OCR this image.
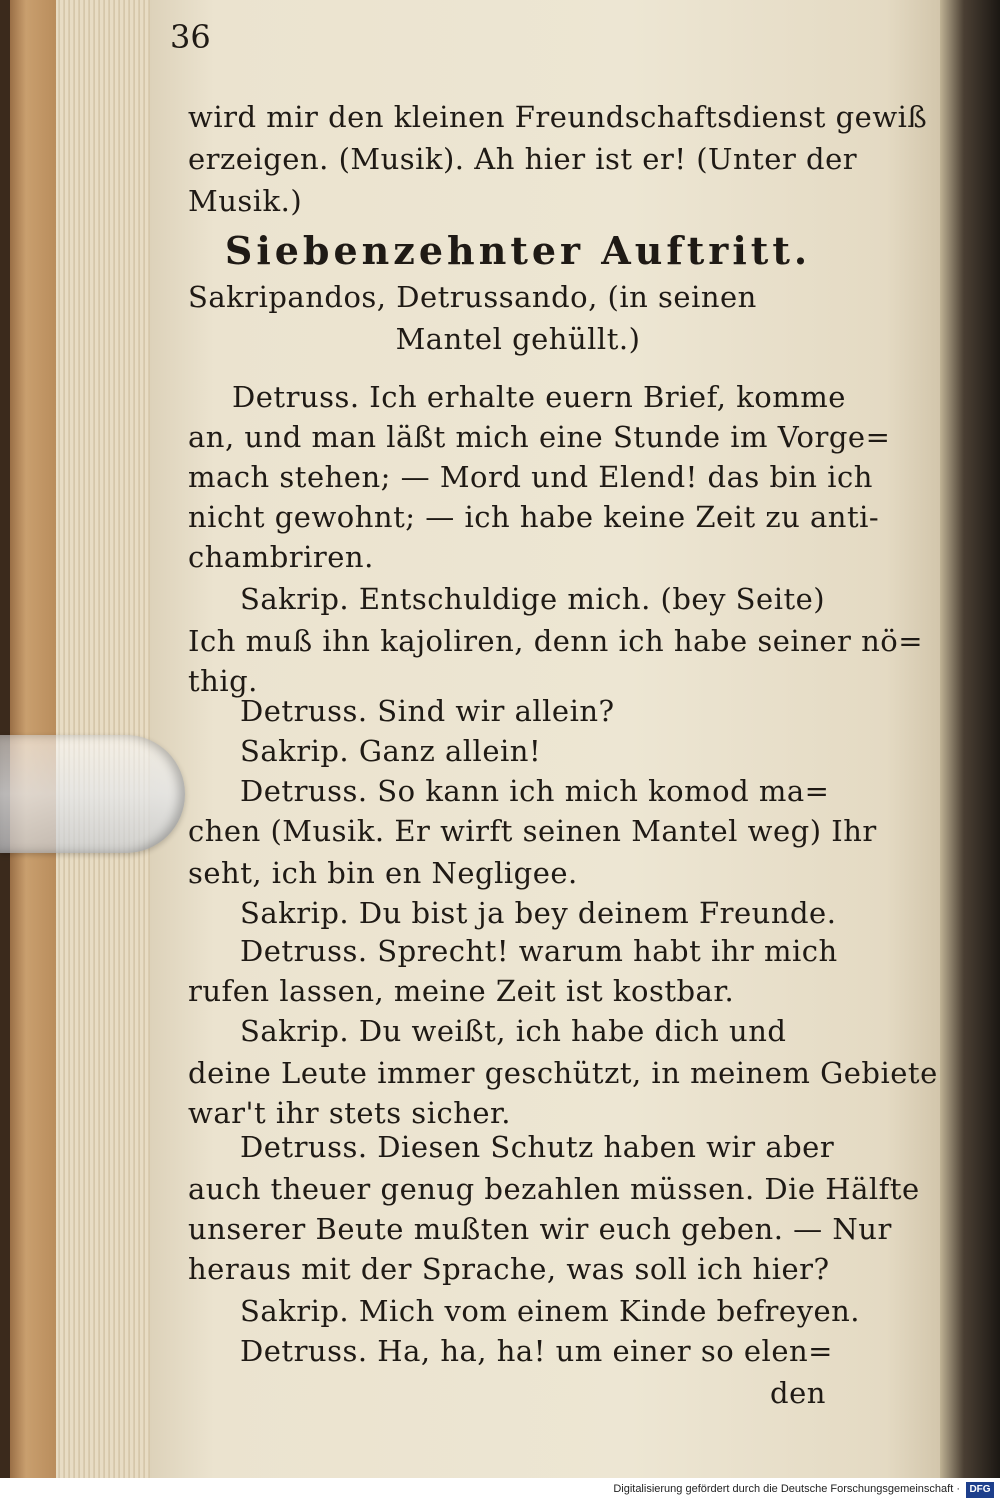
36
wird mir den kleinen Freundschaftsdienst gewiß
erzeigen. (Musik). Ah hier ist er! (Unter der
Musik.)
Siebenzehnter Auftritt.
Sakripandos, Detrussando, (in seinen
Mantel gehüllt.)
Detruss. Ich erhalte euern Brief, komme
an, und man läßt mich eine Stunde im Vorge=
mach stehen; — Mord und Elend! das bin ich
nicht gewohnt; — ich habe keine Zeit zu anti-
chambriren.
Sakrip. Entschuldige mich. (bey Seite)
Ich muß ihn kajoliren, denn ich habe seiner nö=
thig.
Detruss. Sind wir allein?
Sakrip. Ganz allein!
Detruss. So kann ich mich komod ma=
chen (Musik. Er wirft seinen Mantel weg) Ihr
seht, ich bin en Negligee.
Sakrip. Du bist ja bey deinem Freunde.
Detruss. Sprecht! warum habt ihr mich
rufen lassen, meine Zeit ist kostbar.
Sakrip. Du weißt, ich habe dich und
deine Leute immer geschützt, in meinem Gebiete
war't ihr stets sicher.
Detruss. Diesen Schutz haben wir aber
auch theuer genug bezahlen müssen. Die Hälfte
unserer Beute mußten wir euch geben. — Nur
heraus mit der Sprache, was soll ich hier?
Sakrip. Mich vom einem Kinde befreyen.
Detruss. Ha, ha, ha! um einer so elen=
den
Digitalisierung gefördert durch die Deutsche Forschungsgemeinschaft · DFG
